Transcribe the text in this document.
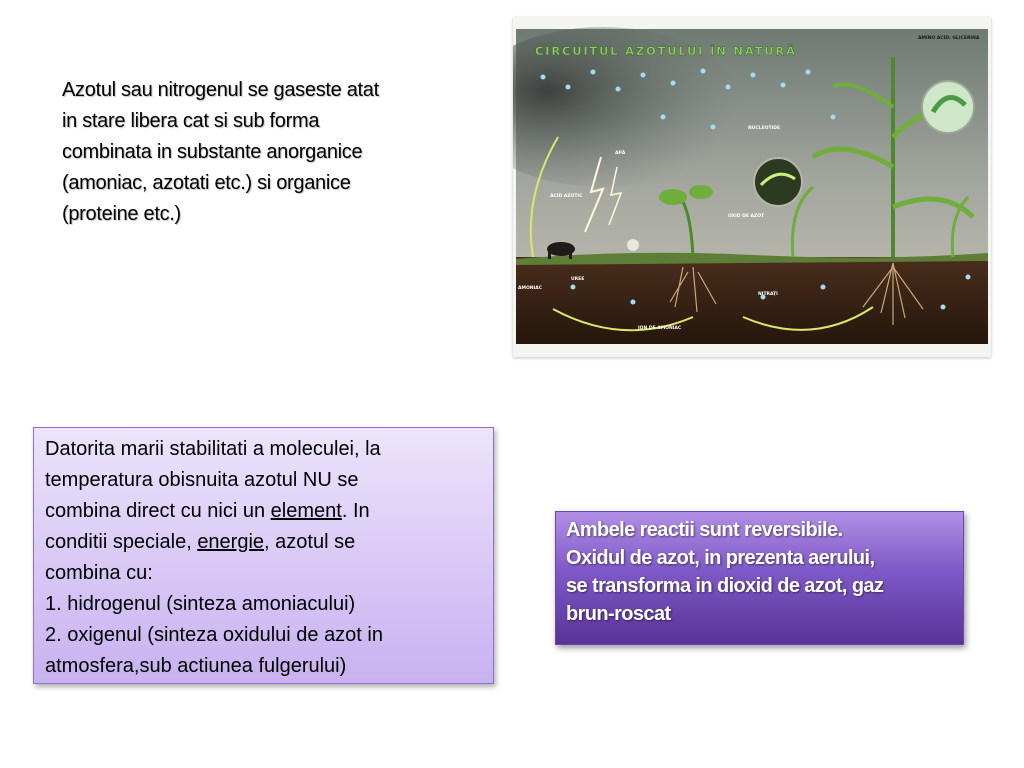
Azotul sau nitrogenul se gaseste atat
in stare libera cat si sub forma
combinata in substante anorganice
(amoniac, azotati etc.) si organice
(proteine etc.)
CIRCUITUL AZOTULUI ÎN NATURĂ
AMINO ACID: GLICERINA
NUCLEOTIDE
APĂ
ACID AZOTIC
OXID DE AZOT
AMONIAC
UREE
NITRAȚI
ION DE AMONIAC
Datorita marii stabilitati a moleculei, la
temperatura obisnuita azotul NU se
combina direct cu nici un element. In
conditii speciale, energie, azotul se
combina cu:
1. hidrogenul (sinteza amoniacului)
2. oxigenul (sinteza oxidului de azot in
atmosfera,sub actiunea fulgerului)
Ambele reactii sunt reversibile.
Oxidul de azot, in prezenta aerului,
se transforma in dioxid de azot, gaz
brun-roscat
